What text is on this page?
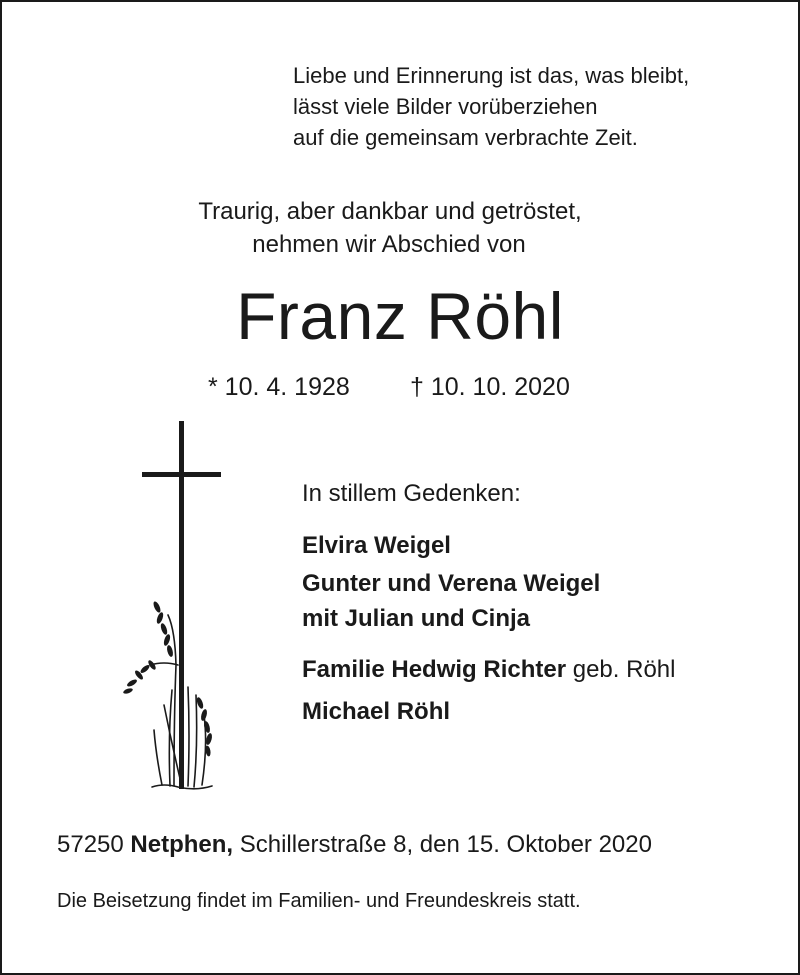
Liebe und Erinnerung ist das, was bleibt,
lässt viele Bilder vorüberziehen
auf die gemeinsam verbrachte Zeit.
Traurig, aber dankbar und getröstet,
nehmen wir Abschied von
Franz Röhl
* 10. 4. 1928 † 10. 10. 2020
In stillem Gedenken:
Elvira Weigel
Gunter und Verena Weigel
mit Julian und Cinja
Familie Hedwig Richter geb. Röhl
Michael Röhl
57250 Netphen, Schillerstraße 8, den 15. Oktober 2020
Die Beisetzung findet im Familien- und Freundeskreis statt.
